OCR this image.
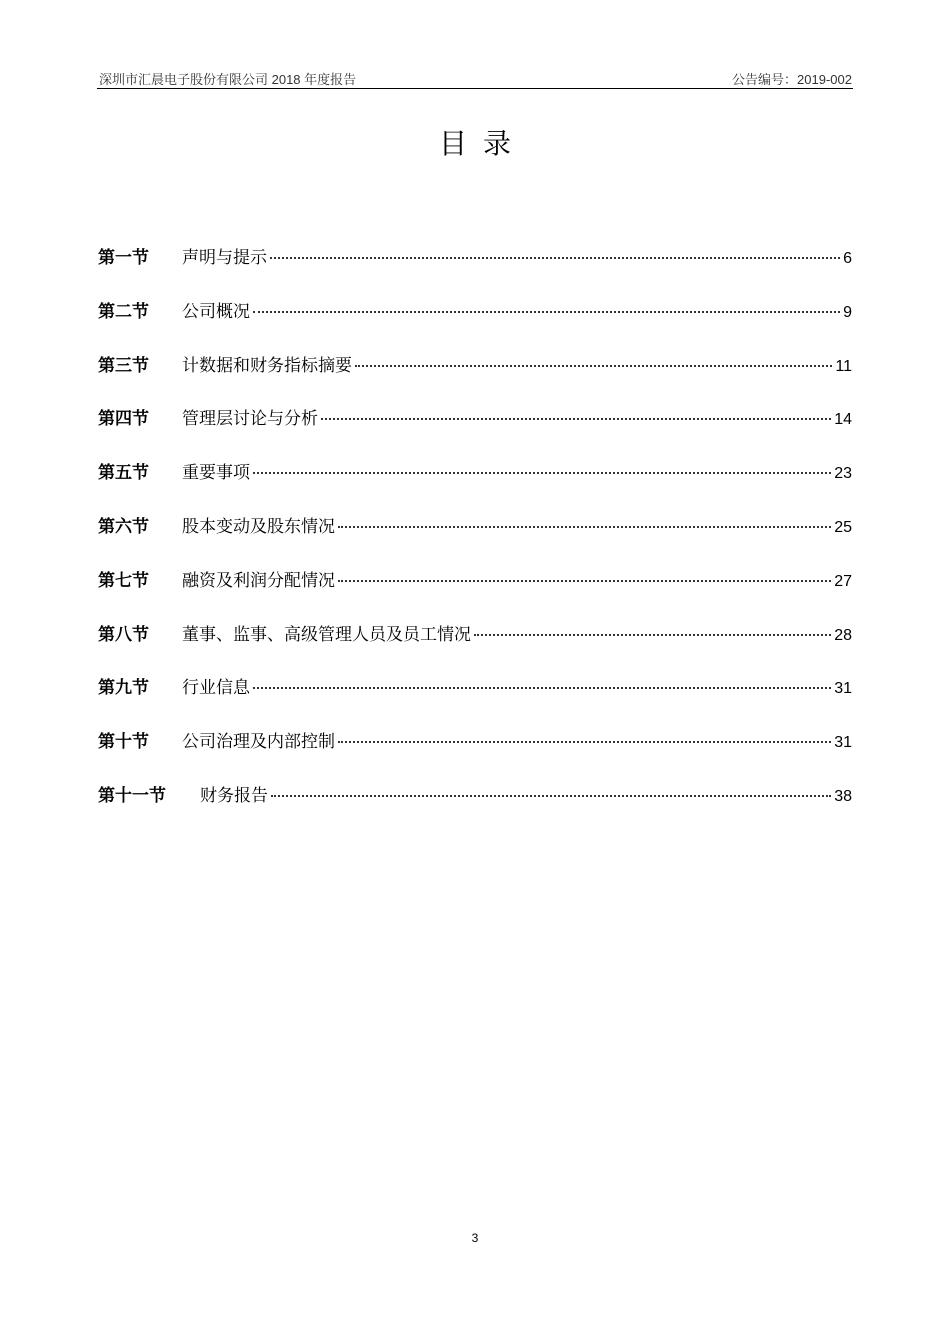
深圳市汇晨电子股份有限公司 2018 年度报告	公告编号：2019-002
目录
第一节	声明与提示	6
第二节	公司概况	9
第三节	计数据和财务指标摘要	11
第四节	管理层讨论与分析	14
第五节	重要事项	23
第六节	股本变动及股东情况	25
第七节	融资及利润分配情况	27
第八节	董事、监事、高级管理人员及员工情况	28
第九节	行业信息	31
第十节	公司治理及内部控制	31
第十一节	财务报告	38
3
